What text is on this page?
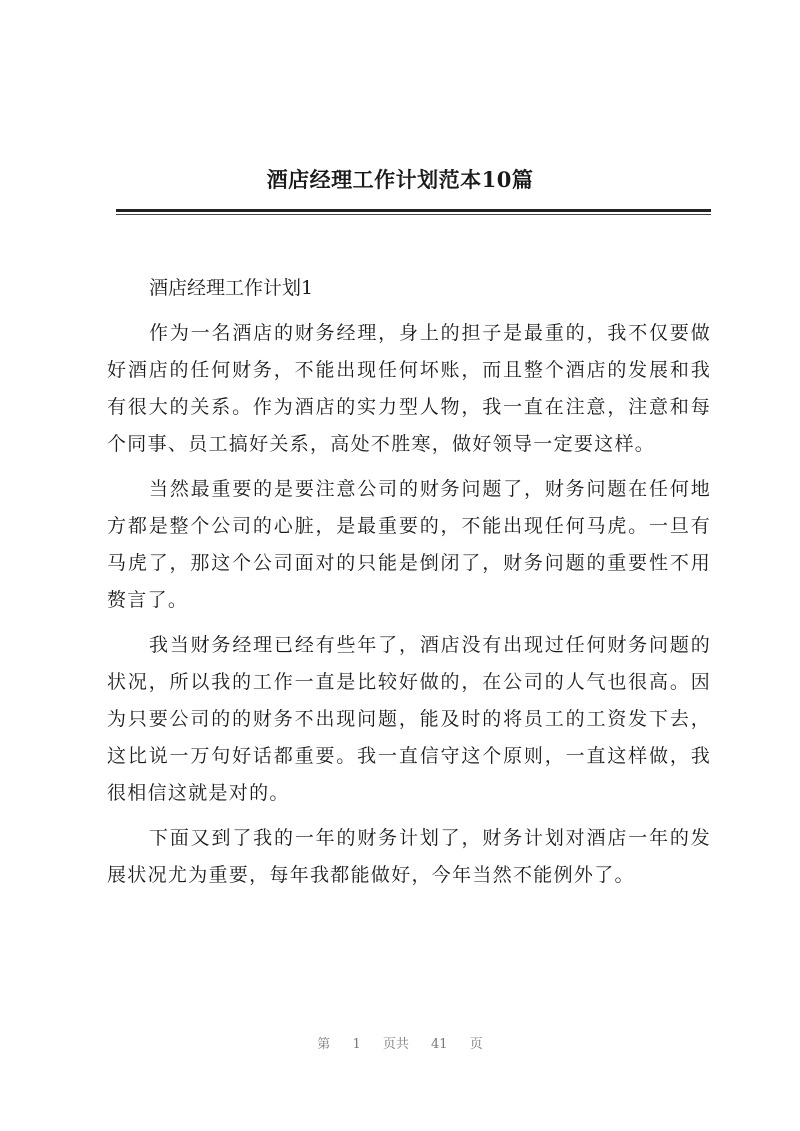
酒店经理工作计划范本10篇

酒店经理工作计划1

作为一名酒店的财务经理，身上的担子是最重的，我不仅要做好酒店的任何财务，不能出现任何坏账，而且整个酒店的发展和我有很大的关系。作为酒店的实力型人物，我一直在注意，注意和每个同事、员工搞好关系，高处不胜寒，做好领导一定要这样。

当然最重要的是要注意公司的财务问题了，财务问题在任何地方都是整个公司的心脏，是最重要的，不能出现任何马虎。一旦有马虎了，那这个公司面对的只能是倒闭了，财务问题的重要性不用赘言了。

我当财务经理已经有些年了，酒店没有出现过任何财务问题的状况，所以我的工作一直是比较好做的，在公司的人气也很高。因为只要公司的的财务不出现问题，能及时的将员工的工资发下去，这比说一万句好话都重要。我一直信守这个原则，一直这样做，我很相信这就是对的。

下面又到了我的一年的财务计划了，财务计划对酒店一年的发展状况尤为重要，每年我都能做好，今年当然不能例外了。

第 1 页共 41 页
